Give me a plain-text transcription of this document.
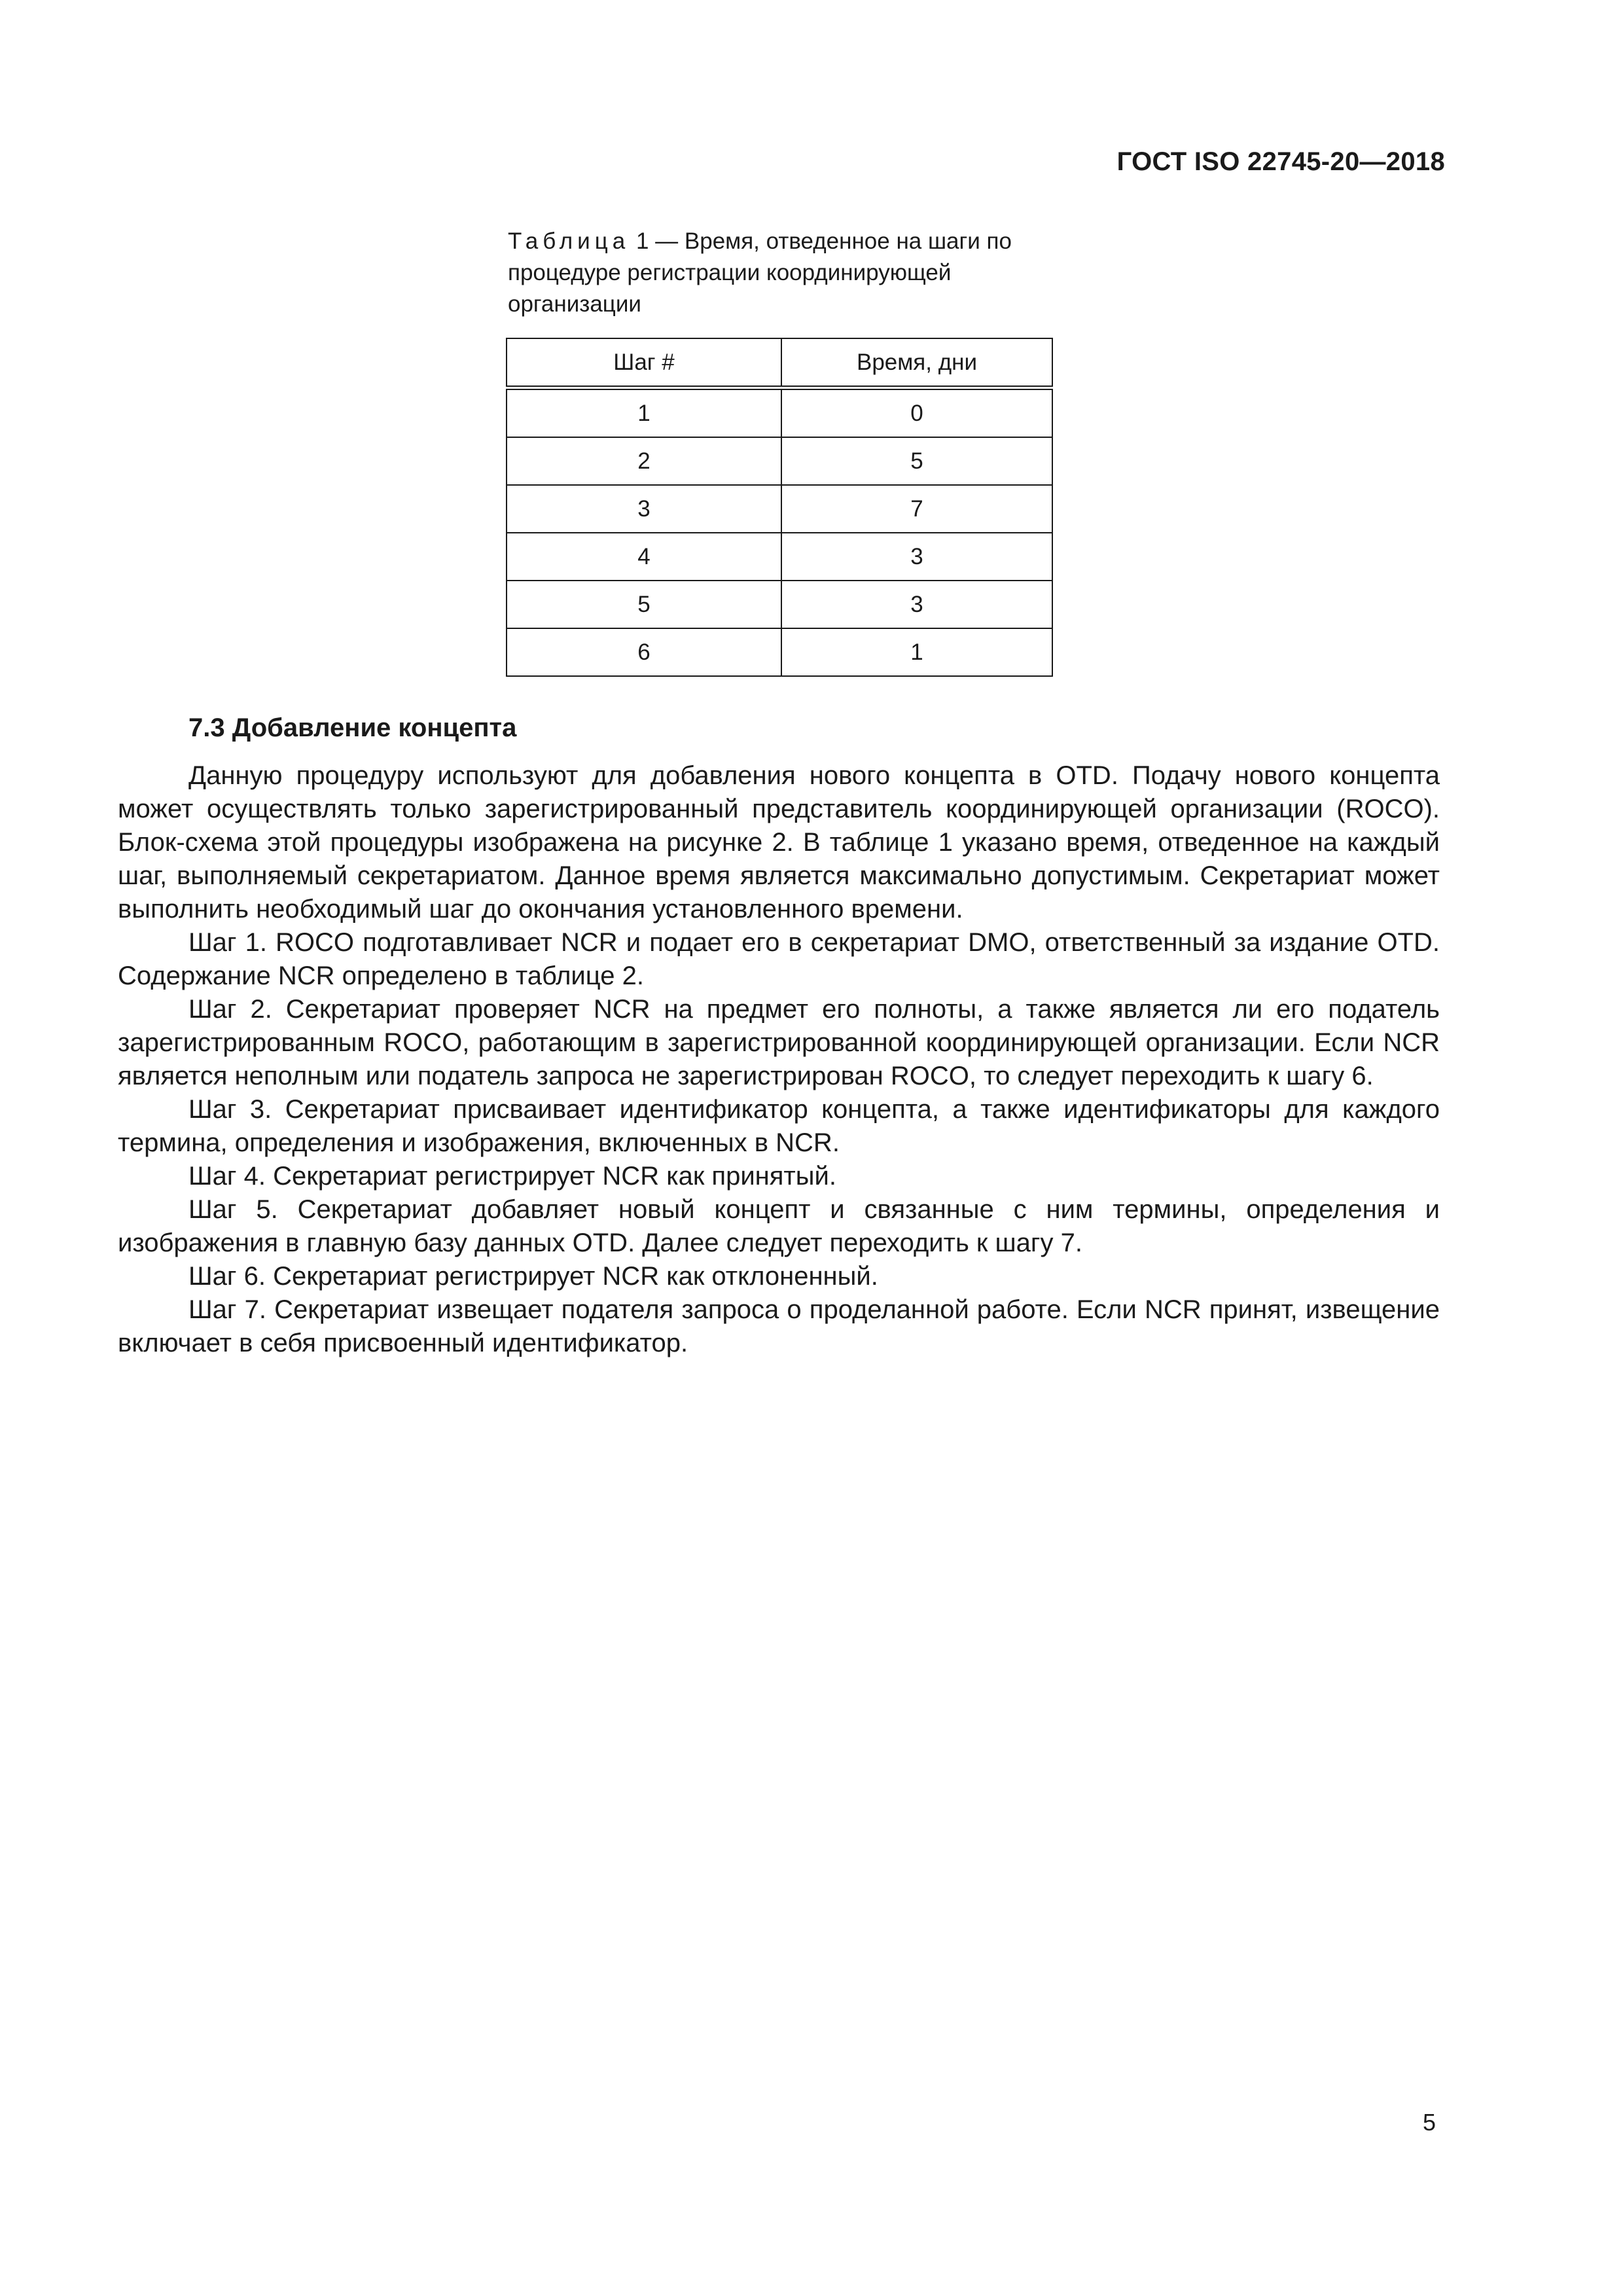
ГОСТ ISO 22745-20—2018
Таблица 1 — Время, отведенное на шаги по процедуре регистрации координирующей организации
Шаг #	Время, дни
1	0
2	5
3	7
4	3
5	3
6	1
7.3 Добавление концепта

Данную процедуру используют для добавления нового концепта в OTD. Подачу нового концепта может осуществлять только зарегистрированный представитель координирующей организации (ROCO). Блок-схема этой процедуры изображена на рисунке 2. В таблице 1 указано время, отведенное на каждый шаг, выполняемый секретариатом. Данное время является максимально допустимым. Секретариат может выполнить необходимый шаг до окончания установленного времени.

Шаг 1. ROCO подготавливает NCR и подает его в секретариат DMO, ответственный за издание OTD. Содержание NCR определено в таблице 2.

Шаг 2. Секретариат проверяет NCR на предмет его полноты, а также является ли его податель зарегистрированным ROCO, работающим в зарегистрированной координирующей организации. Если NCR является неполным или податель запроса не зарегистрирован ROCO, то следует переходить к шагу 6.

Шаг 3. Секретариат присваивает идентификатор концепта, а также идентификаторы для каждого термина, определения и изображения, включенных в NCR.

Шаг 4. Секретариат регистрирует NCR как принятый.

Шаг 5. Секретариат добавляет новый концепт и связанные с ним термины, определения и изображения в главную базу данных OTD. Далее следует переходить к шагу 7.

Шаг 6. Секретариат регистрирует NCR как отклоненный.

Шаг 7. Секретариат извещает подателя запроса о проделанной работе. Если NCR принят, извещение включает в себя присвоенный идентификатор.

5
